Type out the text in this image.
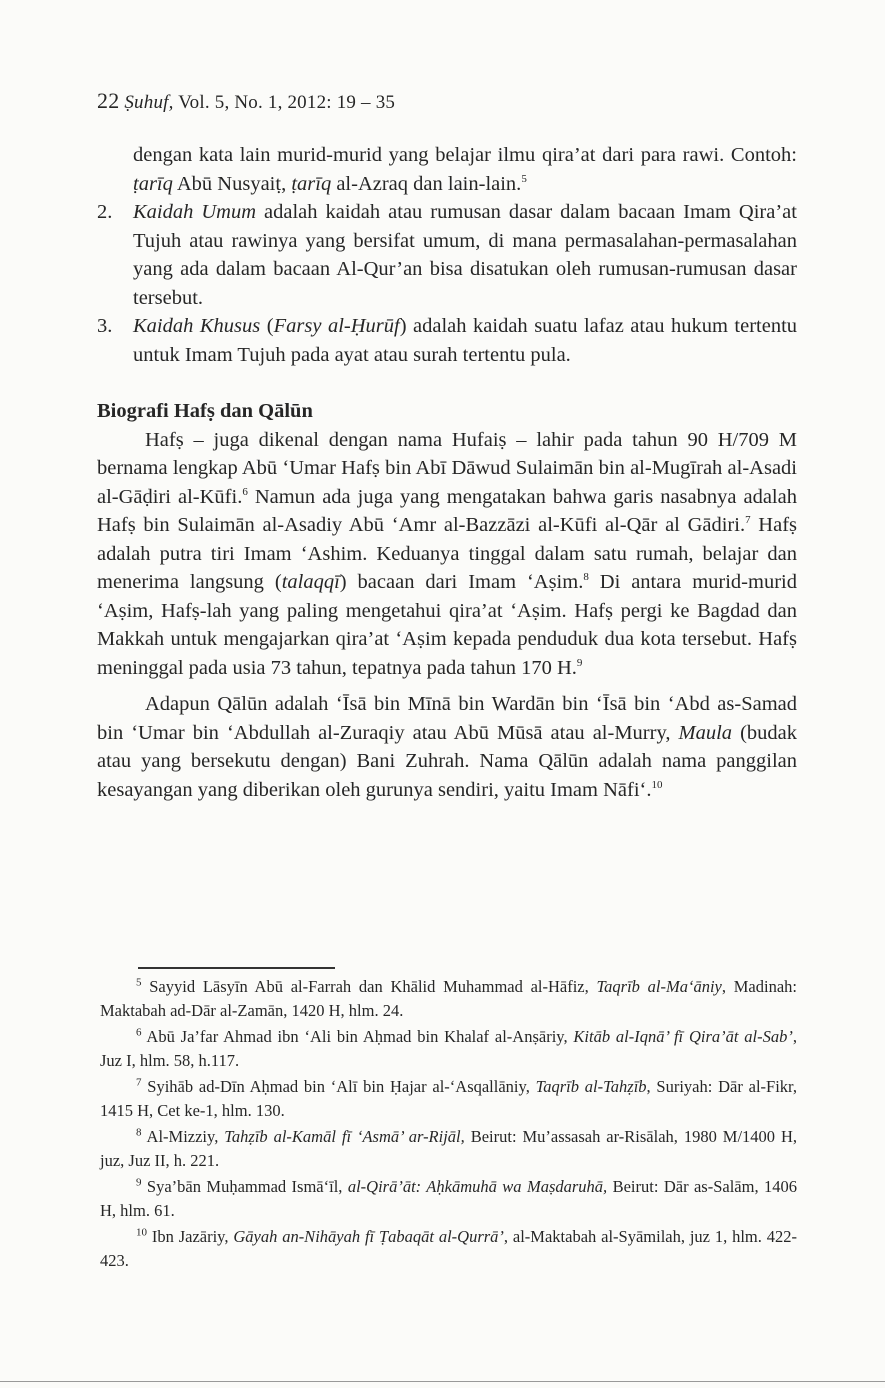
22 Ṣuhuf, Vol. 5, No. 1, 2012: 19 – 35
dengan kata lain murid-murid yang belajar ilmu qira’at dari para rawi. Contoh: ṭarīq Abū Nusyaiṭ, ṭarīq al-Azraq dan lain-lain.$^5$
2. Kaidah Umum adalah kaidah atau rumusan dasar dalam bacaan Imam Qira’at Tujuh atau rawinya yang bersifat umum, di mana permasalahan-permasalahan yang ada dalam bacaan Al-Qur’an bisa disatukan oleh rumusan-rumusan dasar tersebut.
3. Kaidah Khusus (Farsy al-Ḥurūf) adalah kaidah suatu lafaz atau hukum tertentu untuk Imam Tujuh pada ayat atau surah tertentu pula.

Biografi Hafṣ dan Qālūn

Hafṣ – juga dikenal dengan nama Hufaiṣ – lahir pada tahun 90 H/709 M bernama lengkap Abū ‘Umar Hafṣ bin Abī Dāwud Sulaimān bin al-Mugīrah al-Asadi al-Gāḍiri al-Kūfi.$^6$ Namun ada juga yang mengatakan bahwa garis nasabnya adalah Hafṣ bin Sulaimān al-Asadiy Abū ‘Amr al-Bazzāzi al-Kūfi al-Qār al Gādiri.$^7$ Hafṣ adalah putra tiri Imam ‘Ashim. Keduanya tinggal dalam satu rumah, belajar dan menerima langsung (talaqqī) bacaan dari Imam ‘Aṣim.$^8$ Di antara murid-murid ‘Aṣim, Hafṣ-lah yang paling mengetahui qira’at ‘Aṣim. Hafṣ pergi ke Bagdad dan Makkah untuk mengajarkan qira’at ‘Aṣim kepada penduduk dua kota tersebut. Hafṣ meninggal pada usia 73 tahun, tepatnya pada tahun 170 H.$^9$

Adapun Qālūn adalah ‘Īsā bin Mīnā bin Wardān bin ‘Īsā bin ‘Abd as-Samad bin ‘Umar bin ‘Abdullah al-Zuraqiy atau Abū Mūsā atau al-Murry, Maula (budak atau yang bersekutu dengan) Bani Zuhrah. Nama Qālūn adalah nama panggilan kesayangan yang diberikan oleh gurunya sendiri, yaitu Imam Nāfi‘.$^{10}$

$^5$ Sayyid Lāsyīn Abū al-Farrah dan Khālid Muhammad al-Hāfiz, Taqrīb al-Ma‘āniy, Madinah: Maktabah ad-Dār al-Zamān, 1420 H, hlm. 24.

$^6$ Abū Ja’far Ahmad ibn ‘Ali bin Aḥmad bin Khalaf al-Anṣāriy, Kitāb al-Iqnā’ fī Qira’āt al-Sab’, Juz I, hlm. 58, h.117.

$^7$ Syihāb ad-Dīn Aḥmad bin ‘Alī bin Ḥajar al-‘Asqallāniy, Taqrīb al-Tahẓīb, Suriyah: Dār al-Fikr, 1415 H, Cet ke-1, hlm. 130.

$^8$ Al-Mizziy, Tahẓīb al-Kamāl fī ‘Asmā’ ar-Rijāl, Beirut: Mu’assasah ar-Risālah, 1980 M/1400 H, juz, Juz II, h. 221.

$^9$ Sya’bān Muḥammad Ismā‘īl, al-Qirā’āt: Aḥkāmuhā wa Maṣdaruhā, Beirut: Dār as-Salām, 1406 H, hlm. 61.

$^{10}$ Ibn Jazāriy, Gāyah an-Nihāyah fī Ṭabaqāt al-Qurrā’, al-Maktabah al-Syāmilah, juz 1, hlm. 422-423.
